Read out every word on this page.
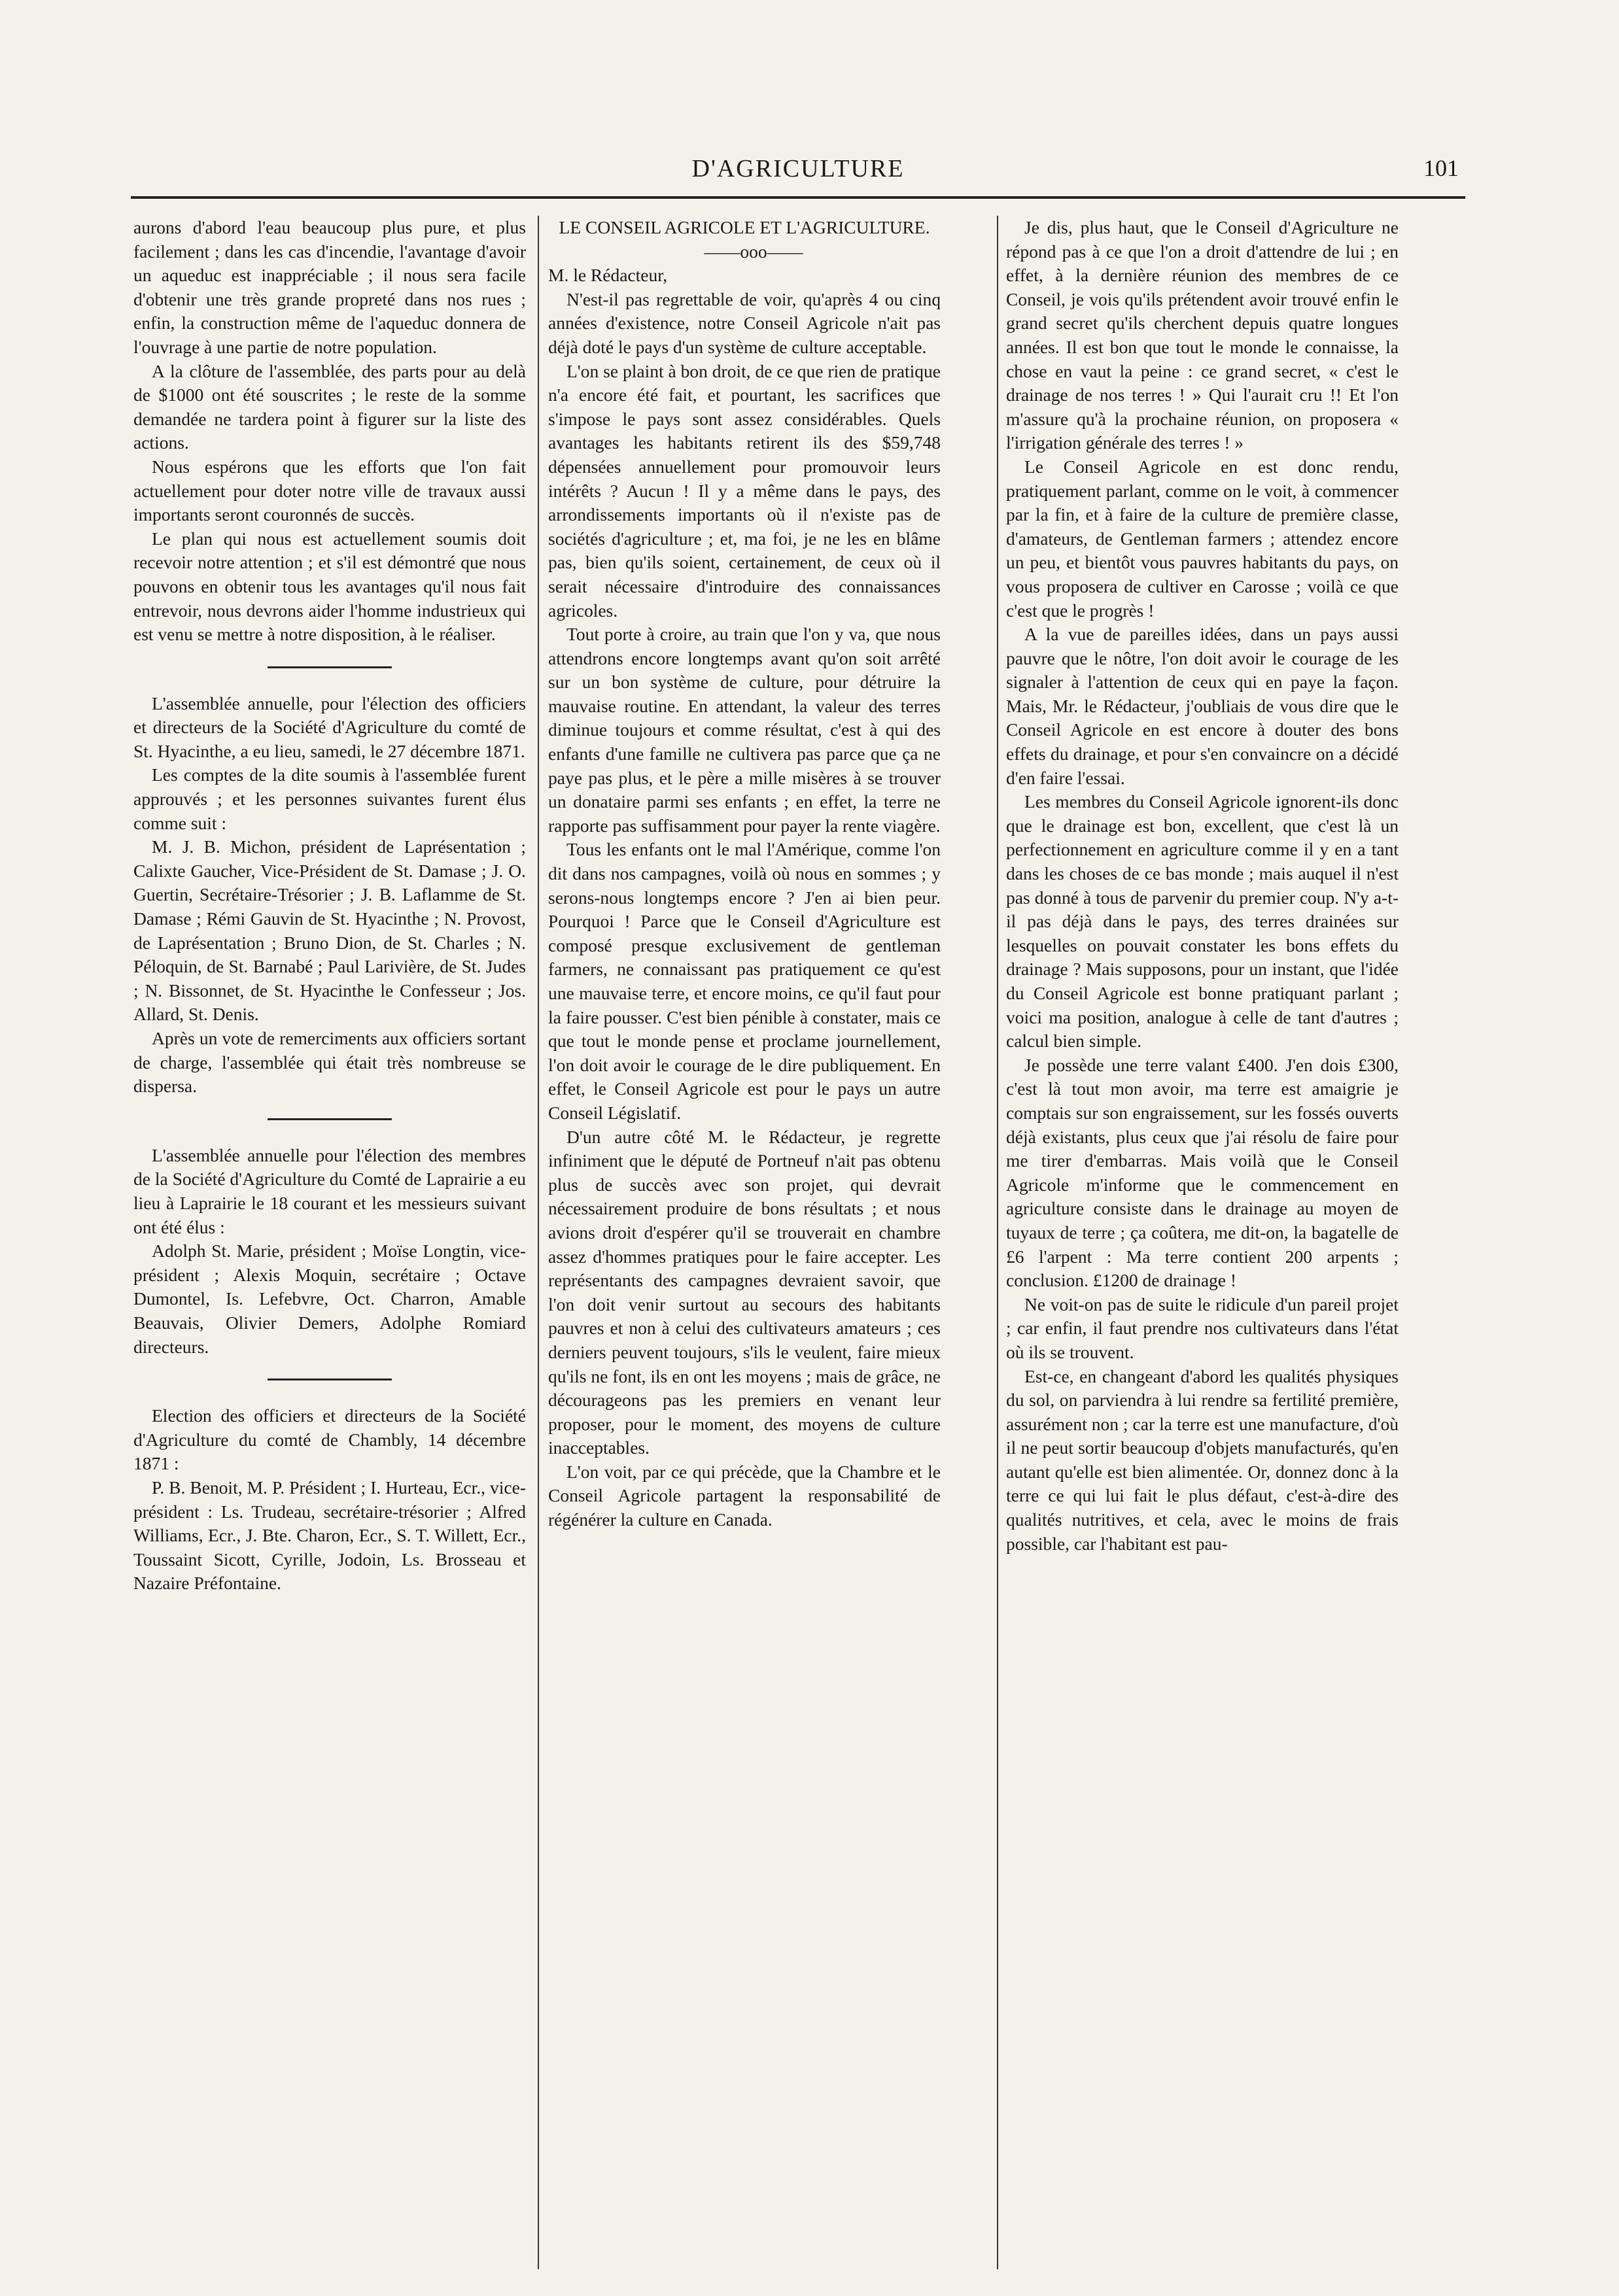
D'AGRICULTURE	101

aurons d'abord l'eau beaucoup plus pure, et plus facilement ; dans les cas d'incendie, l'avantage d'avoir un aqueduc est inappréciable ; il nous sera facile d'obtenir une très grande propreté dans nos rues ; enfin, la construction même de l'aqueduc donnera de l'ouvrage à une partie de notre population.

A la clôture de l'assemblée, des parts pour au delà de $1000 ont été souscrites ; le reste de la somme demandée ne tardera point à figurer sur la liste des actions.

Nous espérons que les efforts que l'on fait actuellement pour doter notre ville de travaux aussi importants seront couronnés de succès.

Le plan qui nous est actuellement soumis doit recevoir notre attention ; et s'il est démontré que nous pouvons en obtenir tous les avantages qu'il nous fait entrevoir, nous devrons aider l'homme industrieux qui est venu se mettre à notre disposition, à le réaliser.

L'assemblée annuelle, pour l'élection des officiers et directeurs de la Société d'Agriculture du comté de St. Hyacinthe, a eu lieu, samedi, le 27 décembre 1871.

Les comptes de la dite soumis à l'assemblée furent approuvés ; et les personnes suivantes furent élus comme suit :

M. J. B. Michon, président de Laprésentation ; Calixte Gaucher, Vice-Président de St. Damase ; J. O. Guertin, Secrétaire-Trésorier ; J. B. Laflamme de St. Damase ; Rémi Gauvin de St. Hyacinthe ; N. Provost, de Laprésentation ; Bruno Dion, de St. Charles ; N. Péloquin, de St. Barnabé ; Paul Larivière, de St. Judes ; N. Bissonnet, de St. Hyacinthe le Confesseur ; Jos. Allard, St. Denis.

Après un vote de remerciments aux officiers sortant de charge, l'assemblée qui était très nombreuse se dispersa.

L'assemblée annuelle pour l'élection des membres de la Société d'Agriculture du Comté de Laprairie a eu lieu à Laprairie le 18 courant et les messieurs suivant ont été élus :

Adolph St. Marie, président ; Moïse Longtin, vice-président ; Alexis Moquin, secrétaire ; Octave Dumontel, Is. Lefebvre, Oct. Charron, Amable Beauvais, Olivier Demers, Adolphe Romiard directeurs.

Election des officiers et directeurs de la Société d'Agriculture du comté de Chambly, 14 décembre 1871 :

P. B. Benoit, M. P. Président ; I. Hurteau, Ecr., vice-président : Ls. Trudeau, secrétaire-trésorier ; Alfred Williams, Ecr., J. Bte. Charon, Ecr., S. T. Willett, Ecr., Toussaint Sicott, Cyrille, Jodoin, Ls. Brosseau et Nazaire Préfontaine.

LE CONSEIL AGRICOLE ET L'AGRICULTURE.

——ooo——

M. le Rédacteur,

N'est-il pas regrettable de voir, qu'après 4 ou cinq années d'existence, notre Conseil Agricole n'ait pas déjà doté le pays d'un système de culture acceptable.

L'on se plaint à bon droit, de ce que rien de pratique n'a encore été fait, et pourtant, les sacrifices que s'impose le pays sont assez considérables. Quels avantages les habitants retirent ils des $59,748 dépensées annuellement pour promouvoir leurs intérêts ? Aucun ! Il y a même dans le pays, des arrondissements importants où il n'existe pas de sociétés d'agriculture ; et, ma foi, je ne les en blâme pas, bien qu'ils soient, certainement, de ceux où il serait nécessaire d'introduire des connaissances agricoles.

Tout porte à croire, au train que l'on y va, que nous attendrons encore longtemps avant qu'on soit arrêté sur un bon système de culture, pour détruire la mauvaise routine. En attendant, la valeur des terres diminue toujours et comme résultat, c'est à qui des enfants d'une famille ne cultivera pas parce que ça ne paye pas plus, et le père a mille misères à se trouver un donataire parmi ses enfants ; en effet, la terre ne rapporte pas suffisamment pour payer la rente viagère.

Tous les enfants ont le mal l'Amérique, comme l'on dit dans nos campagnes, voilà où nous en sommes ; y serons-nous longtemps encore ? J'en ai bien peur. Pourquoi ! Parce que le Conseil d'Agriculture est composé presque exclusivement de gentleman farmers, ne connaissant pas pratiquement ce qu'est une mauvaise terre, et encore moins, ce qu'il faut pour la faire pousser. C'est bien pénible à constater, mais ce que tout le monde pense et proclame journellement, l'on doit avoir le courage de le dire publiquement. En effet, le Conseil Agricole est pour le pays un autre Conseil Législatif.

D'un autre côté M. le Rédacteur, je regrette infiniment que le député de Portneuf n'ait pas obtenu plus de succès avec son projet, qui devrait nécessairement produire de bons résultats ; et nous avions droit d'espérer qu'il se trouverait en chambre assez d'hommes pratiques pour le faire accepter. Les représentants des campagnes devraient savoir, que l'on doit venir surtout au secours des habitants pauvres et non à celui des cultivateurs amateurs ; ces derniers peuvent toujours, s'ils le veulent, faire mieux qu'ils ne font, ils en ont les moyens ; mais de grâce, ne décourageons pas les premiers en venant leur proposer, pour le moment, des moyens de culture inacceptables.

L'on voit, par ce qui précède, que la Chambre et le Conseil Agricole partagent la responsabilité de régénérer la culture en Canada.

Je dis, plus haut, que le Conseil d'Agriculture ne répond pas à ce que l'on a droit d'attendre de lui ; en effet, à la dernière réunion des membres de ce Conseil, je vois qu'ils prétendent avoir trouvé enfin le grand secret qu'ils cherchent depuis quatre longues années. Il est bon que tout le monde le connaisse, la chose en vaut la peine : ce grand secret, « c'est le drainage de nos terres ! » Qui l'aurait cru !! Et l'on m'assure qu'à la prochaine réunion, on proposera « l'irrigation générale des terres ! »

Le Conseil Agricole en est donc rendu, pratiquement parlant, comme on le voit, à commencer par la fin, et à faire de la culture de première classe, d'amateurs, de Gentleman farmers ; attendez encore un peu, et bientôt vous pauvres habitants du pays, on vous proposera de cultiver en Carosse ; voilà ce que c'est que le progrès !

A la vue de pareilles idées, dans un pays aussi pauvre que le nôtre, l'on doit avoir le courage de les signaler à l'attention de ceux qui en paye la façon. Mais, Mr. le Rédacteur, j'oubliais de vous dire que le Conseil Agricole en est encore à douter des bons effets du drainage, et pour s'en convaincre on a décidé d'en faire l'essai.

Les membres du Conseil Agricole ignorent-ils donc que le drainage est bon, excellent, que c'est là un perfectionnement en agriculture comme il y en a tant dans les choses de ce bas monde ; mais auquel il n'est pas donné à tous de parvenir du premier coup. N'y a-t-il pas déjà dans le pays, des terres drainées sur lesquelles on pouvait constater les bons effets du drainage ? Mais supposons, pour un instant, que l'idée du Conseil Agricole est bonne pratiquant parlant ; voici ma position, analogue à celle de tant d'autres ; calcul bien simple.

Je possède une terre valant £400. J'en dois £300, c'est là tout mon avoir, ma terre est amaigrie je comptais sur son engraissement, sur les fossés ouverts déjà existants, plus ceux que j'ai résolu de faire pour me tirer d'embarras. Mais voilà que le Conseil Agricole m'informe que le commencement en agriculture consiste dans le drainage au moyen de tuyaux de terre ; ça coûtera, me dit-on, la bagatelle de £6 l'arpent : Ma terre contient 200 arpents ; conclusion. £1200 de drainage !

Ne voit-on pas de suite le ridicule d'un pareil projet ; car enfin, il faut prendre nos cultivateurs dans l'état où ils se trouvent.

Est-ce, en changeant d'abord les qualités physiques du sol, on parviendra à lui rendre sa fertilité première, assurément non ; car la terre est une manufacture, d'où il ne peut sortir beaucoup d'objets manufacturés, qu'en autant qu'elle est bien alimentée. Or, donnez donc à la terre ce qui lui fait le plus défaut, c'est-à-dire des qualités nutritives, et cela, avec le moins de frais possible, car l'habitant est pau-
